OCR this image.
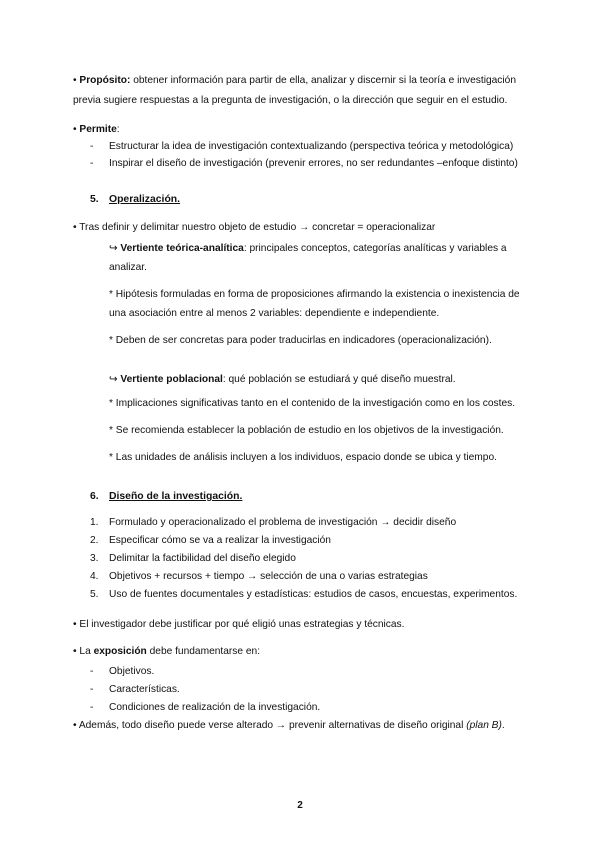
• Propósito: obtener información para partir de ella, analizar y discernir si la teoría e investigación
previa sugiere respuestas a la pregunta de investigación, o la dirección que seguir en el estudio.
• Permite:
- Estructurar la idea de investigación contextualizando (perspectiva teórica y metodológica)
- Inspirar el diseño de investigación (prevenir errores, no ser redundantes –enfoque distinto)
5. Operalización.
• Tras definir y delimitar nuestro objeto de estudio → concretar = operacionalizar
↪ Vertiente teórica-analítica: principales conceptos, categorías analíticas y variables a
analizar.
* Hipótesis formuladas en forma de proposiciones afirmando la existencia o inexistencia de
una asociación entre al menos 2 variables: dependiente e independiente.
* Deben de ser concretas para poder traducirlas en indicadores (operacionalización).
↪ Vertiente poblacional: qué población se estudiará y qué diseño muestral.
* Implicaciones significativas tanto en el contenido de la investigación como en los costes.
* Se recomienda establecer la población de estudio en los objetivos de la investigación.
* Las unidades de análisis incluyen a los individuos, espacio donde se ubica y tiempo.
6. Diseño de la investigación.
1. Formulado y operacionalizado el problema de investigación → decidir diseño
2. Especificar cómo se va a realizar la investigación
3. Delimitar la factibilidad del diseño elegido
4. Objetivos + recursos + tiempo → selección de una o varias estrategias
5. Uso de fuentes documentales y estadísticas: estudios de casos, encuestas, experimentos.
• El investigador debe justificar por qué eligió unas estrategias y técnicas.
• La exposición debe fundamentarse en:
- Objetivos.
- Características.
- Condiciones de realización de la investigación.
• Además, todo diseño puede verse alterado → prevenir alternativas de diseño original (plan B).
2
